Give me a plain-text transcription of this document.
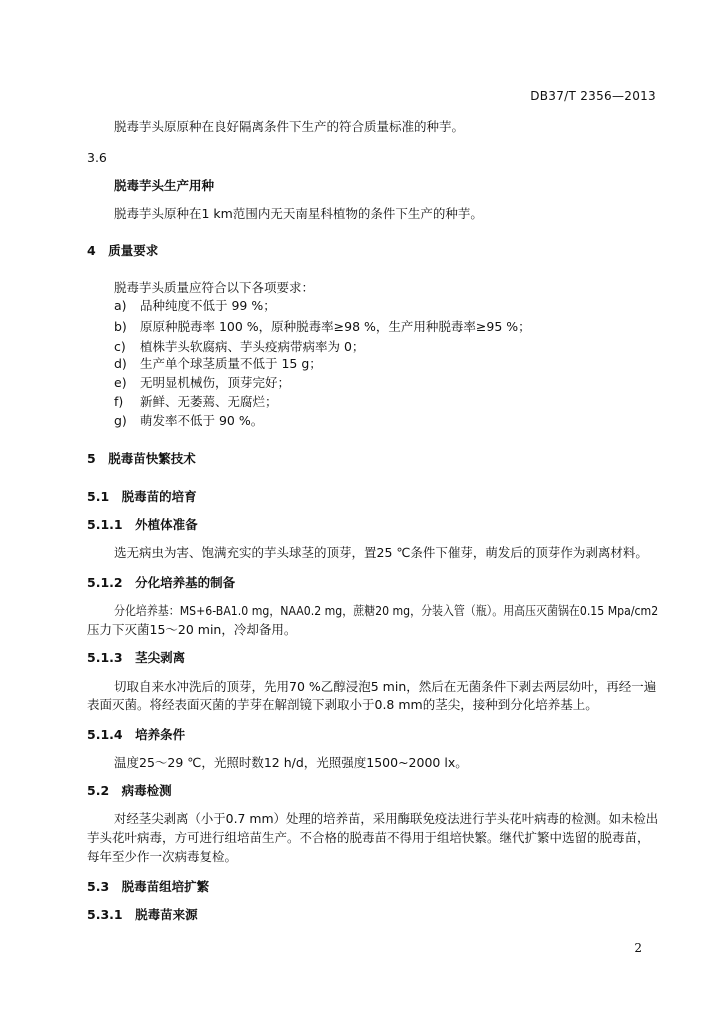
DB37/T 2356—2013
脱毒芋头原原种在良好隔离条件下生产的符合质量标准的种芋。
3.6
脱毒芋头生产用种
脱毒芋头原种在1 km范围内无天南星科植物的条件下生产的种芋。
4　质量要求
脱毒芋头质量应符合以下各项要求：
a) 品种纯度不低于 99 %；
b) 原原种脱毒率 100 %，原种脱毒率≥98 %，生产用种脱毒率≥95 %；
c) 植株芋头软腐病、芋头疫病带病率为 0；
d) 生产单个球茎质量不低于 15 g；
e) 无明显机械伤，顶芽完好；
f) 新鲜、无萎蔫、无腐烂；
g) 萌发率不低于 90 %。
5　脱毒苗快繁技术
5.1　脱毒苗的培育
5.1.1　外植体准备
选无病虫为害、饱满充实的芋头球茎的顶芽，置25 ℃条件下催芽，萌发后的顶芽作为剥离材料。
5.1.2　分化培养基的制备
分化培养基：MS+6-BA1.0 mg，NAA0.2 mg，蔗糖20 mg，分装入管（瓶）。用高压灭菌锅在0.15 Mpa/cm2
压力下灭菌15～20 min，冷却备用。
5.1.3　茎尖剥离
切取自来水冲洗后的顶芽，先用70 %乙醇浸泡5 min，然后在无菌条件下剥去两层幼叶，再经一遍
表面灭菌。将经表面灭菌的芋芽在解剖镜下剥取小于0.8 mm的茎尖，接种到分化培养基上。
5.1.4　培养条件
温度25～29 ℃，光照时数12 h/d，光照强度1500~2000 lx。
5.2　病毒检测
对经茎尖剥离（小于0.7 mm）处理的培养苗，采用酶联免疫法进行芋头花叶病毒的检测。如未检出
芋头花叶病毒，方可进行组培苗生产。不合格的脱毒苗不得用于组培快繁。继代扩繁中选留的脱毒苗，
每年至少作一次病毒复检。
5.3　脱毒苗组培扩繁
5.3.1　脱毒苗来源
2
